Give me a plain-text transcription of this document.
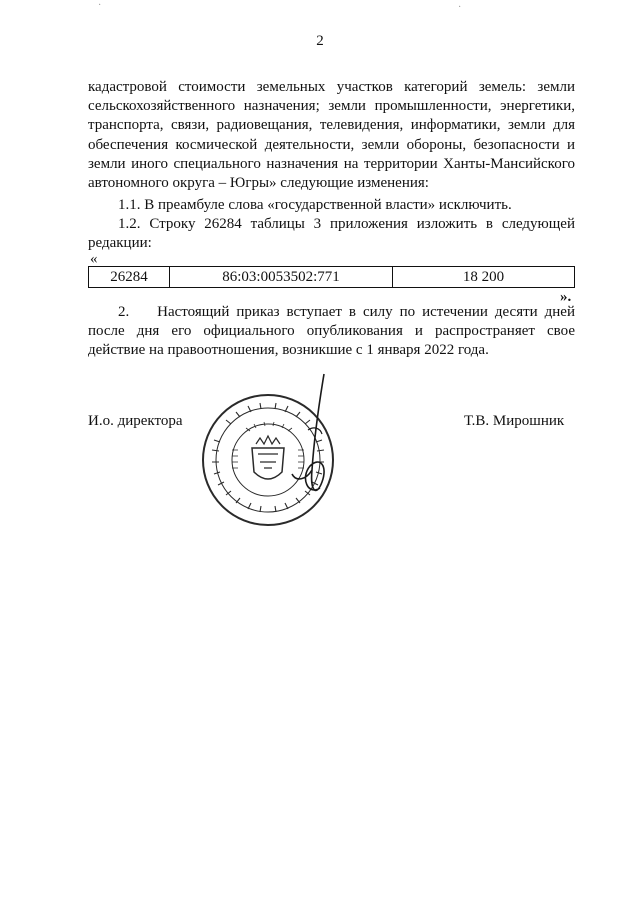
2

кадастровой стоимости земельных участков категорий земель: земли
сельскохозяйственного назначения; земли промышленности, энергетики,
транспорта, связи, радиовещания, телевидения, информатики, земли для
обеспечения космической деятельности, земли обороны, безопасности и
земли иного специального назначения на территории Ханты-Мансийского
автономного округа – Югры» следующие изменения:

1.1. В преамбуле слова «государственной власти» исключить.

1.2. Строку 26284 таблицы 3 приложения изложить в следующей
редакции:

«
26284	86:03:0053502:771	18 200
».

2.    Настоящий приказ вступает в силу по истечении десяти дней
после дня его официального опубликования и распространяет свое
действие на правоотношения, возникшие с 1 января 2022 года.

И.о. директора	Т.В. Мирошник
·	·
